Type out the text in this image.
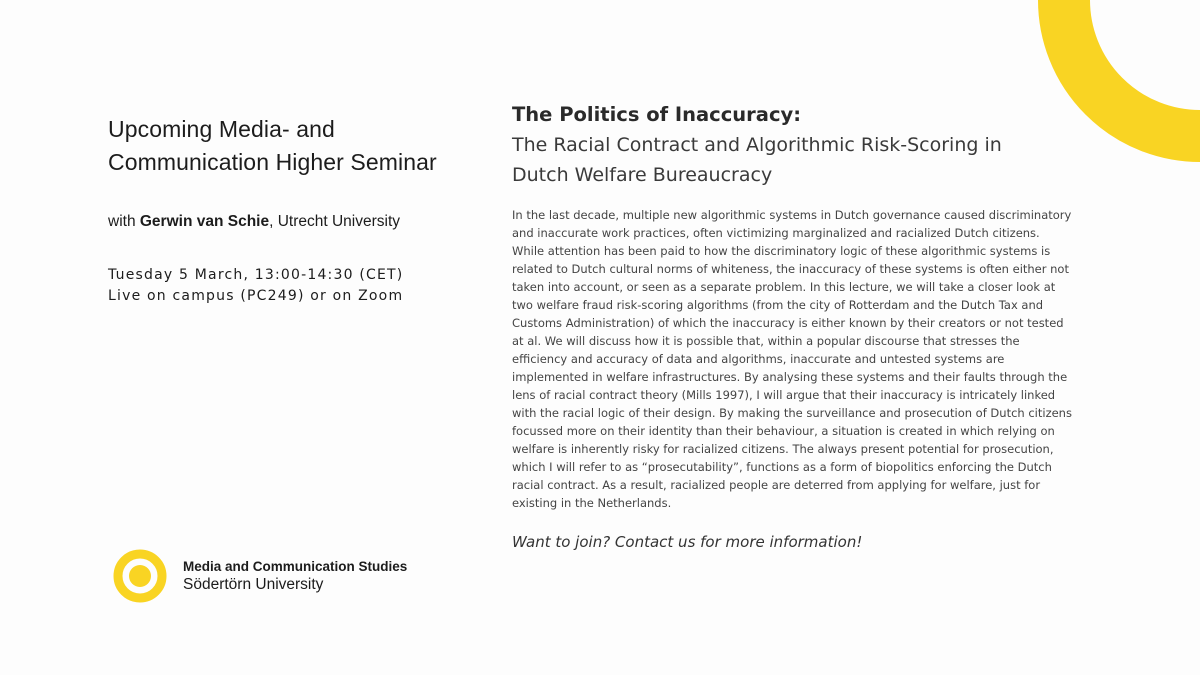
Upcoming Media- and Communication Higher Seminar
with Gerwin van Schie, Utrecht University
Tuesday 5 March, 13:00-14:30 (CET)
Live on campus (PC249) or on Zoom
Media and Communication Studies
Södertörn University
The Politics of Inaccuracy:
The Racial Contract and Algorithmic Risk-Scoring in Dutch Welfare Bureaucracy

In the last decade, multiple new algorithmic systems in Dutch governance caused discriminatory and inaccurate work practices, often victimizing marginalized and racialized Dutch citizens. While attention has been paid to how the discriminatory logic of these algorithmic systems is related to Dutch cultural norms of whiteness, the inaccuracy of these systems is often either not taken into account, or seen as a separate problem. In this lecture, we will take a closer look at two welfare fraud risk-scoring algorithms (from the city of Rotterdam and the Dutch Tax and Customs Administration) of which the inaccuracy is either known by their creators or not tested at al. We will discuss how it is possible that, within a popular discourse that stresses the efficiency and accuracy of data and algorithms, inaccurate and untested systems are implemented in welfare infrastructures. By analysing these systems and their faults through the lens of racial contract theory (Mills 1997), I will argue that their inaccuracy is intricately linked with the racial logic of their design. By making the surveillance and prosecution of Dutch citizens focussed more on their identity than their behaviour, a situation is created in which relying on welfare is inherently risky for racialized citizens. The always present potential for prosecution, which I will refer to as “prosecutability”, functions as a form of biopolitics enforcing the Dutch racial contract. As a result, racialized people are deterred from applying for welfare, just for existing in the Netherlands.

Want to join? Contact us for more information!
